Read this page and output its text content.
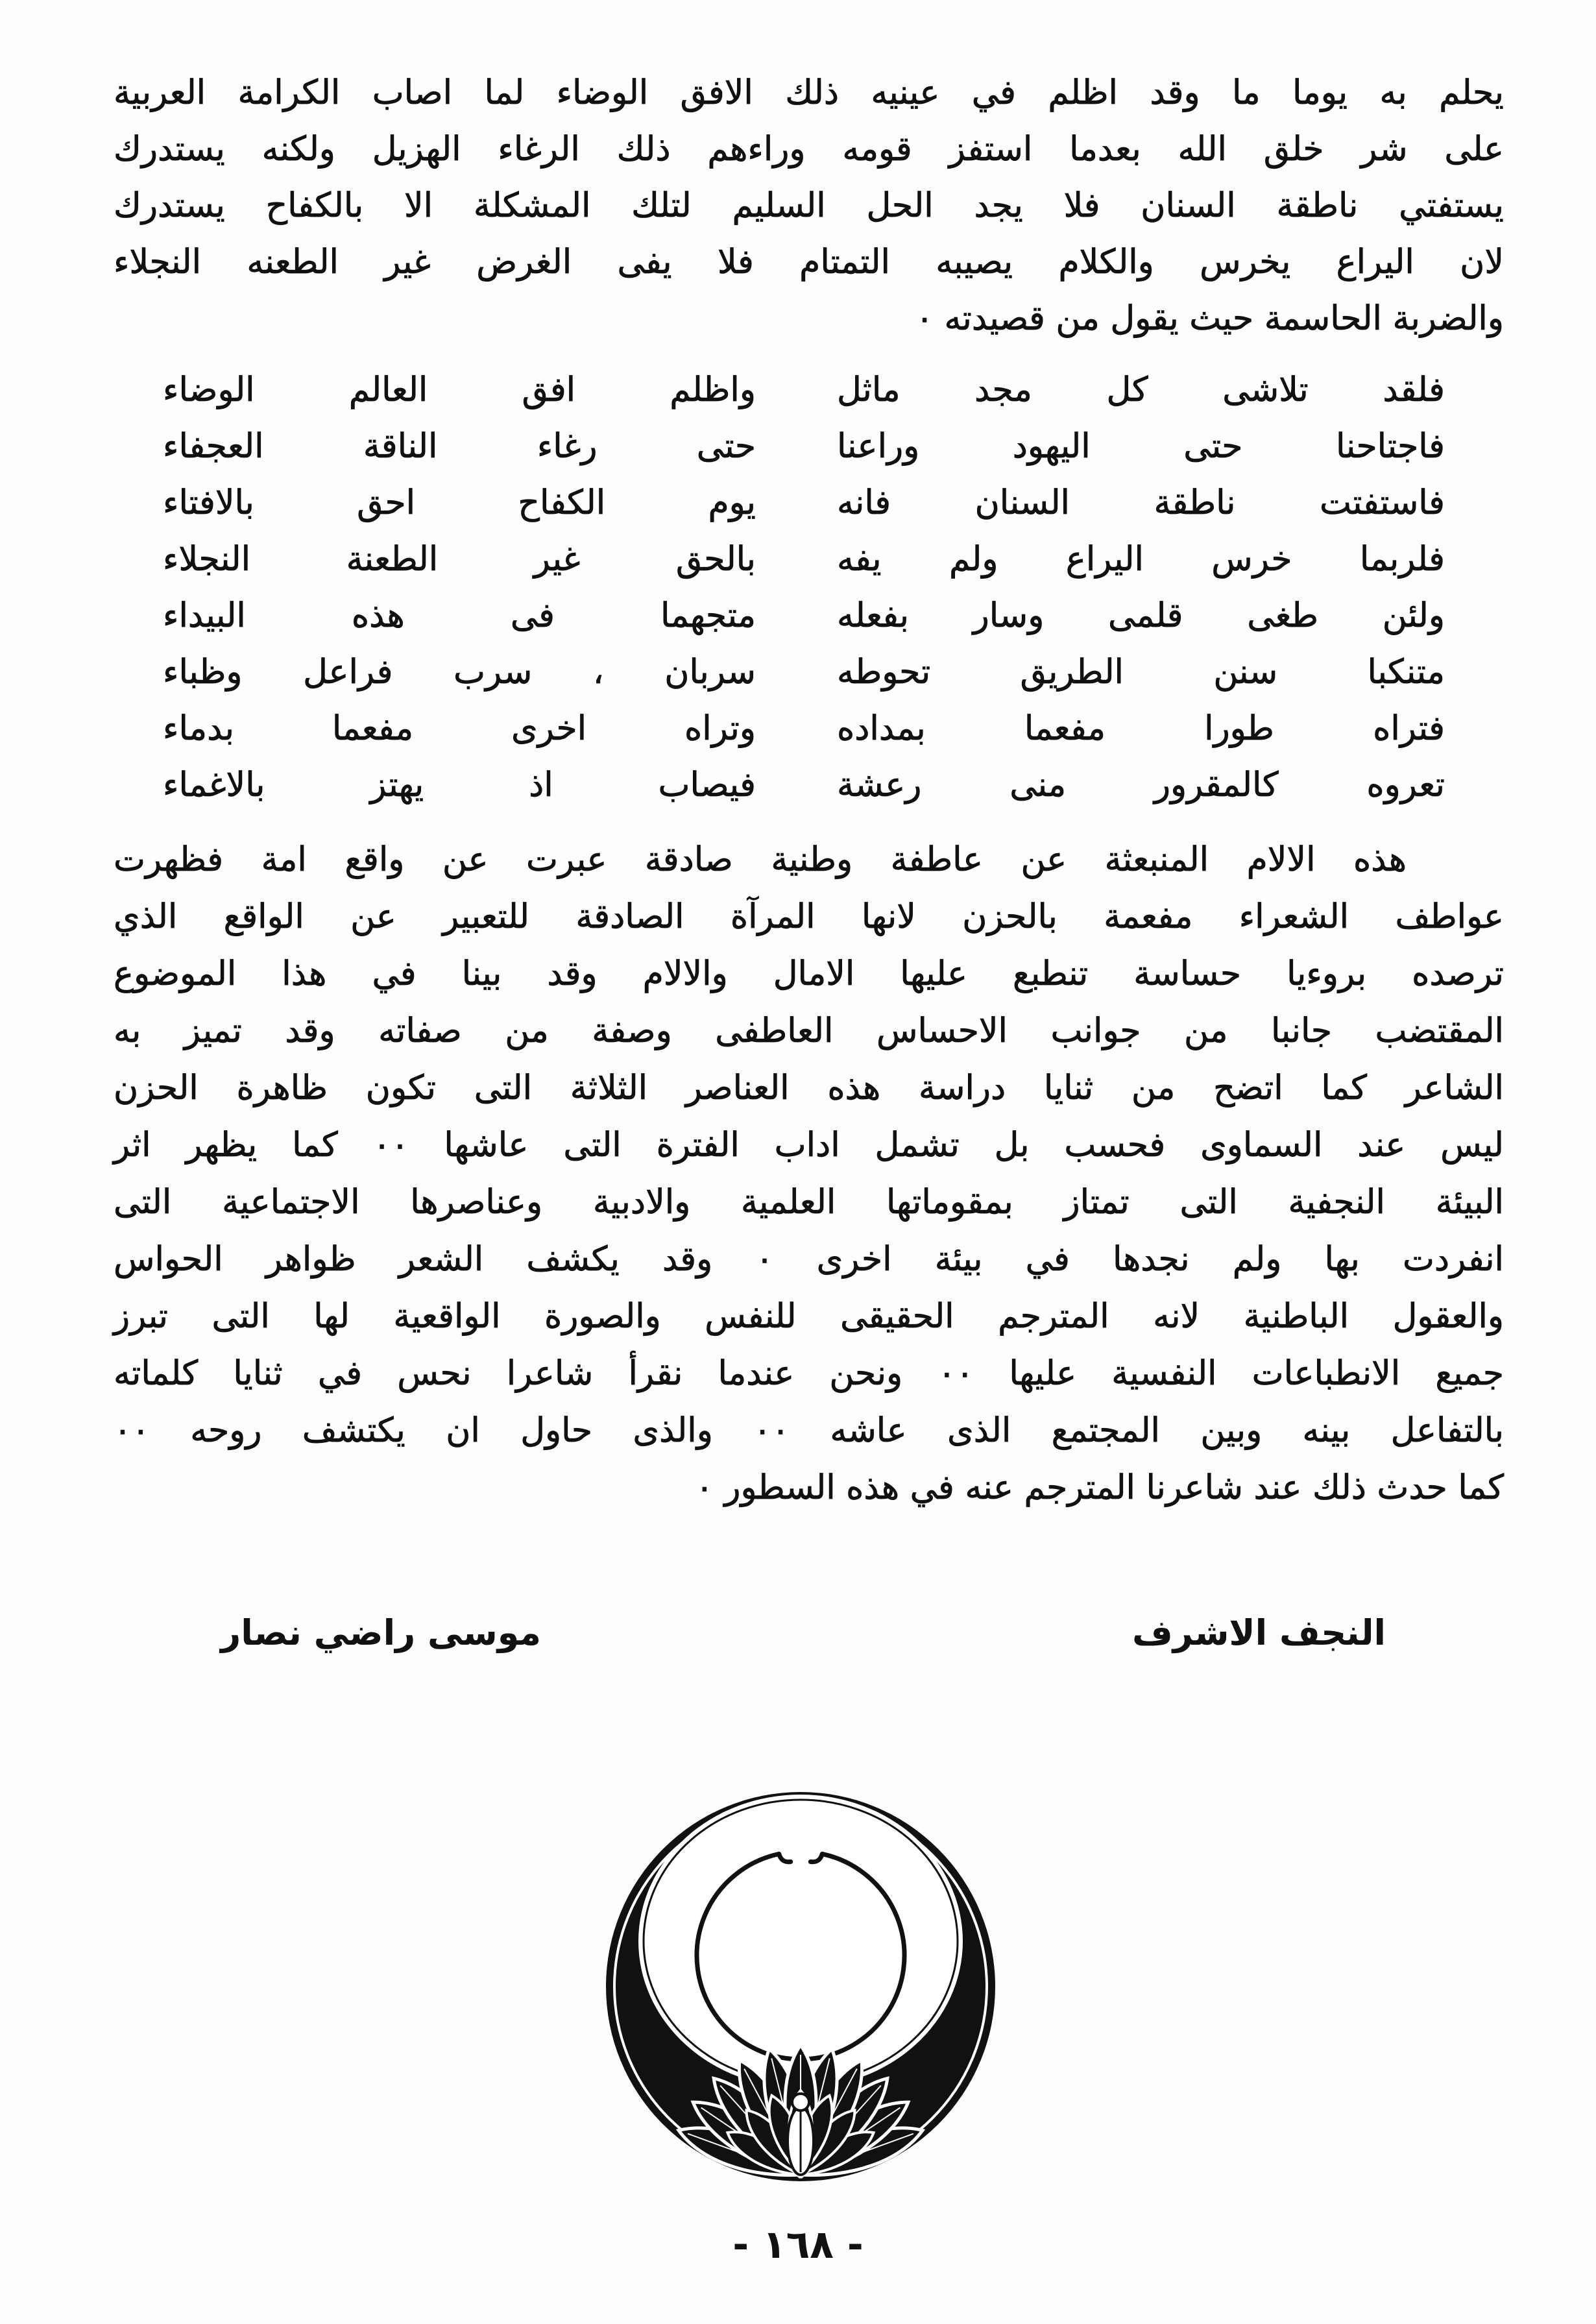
يحلم به يوما ما وقد اظلم في عينيه ذلك الافق الوضاء لما اصاب الكرامة العربية
على شر خلق الله بعدما استفز قومه وراءهم ذلك الرغاء الهزيل ولكنه يستدرك
يستفتي ناطقة السنان فلا يجد الحل السليم لتلك المشكلة الا بالكفاح يستدرك
لان اليراع يخرس والكلام يصيبه التمتام فلا يفى الغرض غير الطعنه النجلاء
والضربة الحاسمة حيث يقول من قصيدته ٠
فلقد تلاشى كل مجد ماثل
واظلم افق العالم الوضاء
فاجتاحنا حتى اليهود وراعنا
حتى رغاء الناقة العجفاء
فاستفتت ناطقة السنان فانه
يوم الكفاح احق بالافتاء
فلربما خرس اليراع ولم يفه
بالحق غير الطعنة النجلاء
ولئن طغى قلمى وسار بفعله
متجهما فى هذه البيداء
متنكبا سنن الطريق تحوطه
سربان ، سرب فراعل وظباء
فتراه طورا مفعما بمداده
وتراه اخرى مفعما بدماء
تعروه كالمقرور منى رعشة
فيصاب اذ يهتز بالاغماء
هذه الالام المنبعثة عن عاطفة وطنية صادقة عبرت عن واقع امة فظهرت
عواطف الشعراء مفعمة بالحزن لانها المرآة الصادقة للتعبير عن الواقع الذي
ترصده بروءيا حساسة تنطبع عليها الامال والالام وقد بينا في هذا الموضوع
المقتضب جانبا من جوانب الاحساس العاطفى وصفة من صفاته وقد تميز به
الشاعر كما اتضح من ثنايا دراسة هذه العناصر الثلاثة التى تكون ظاهرة الحزن
ليس عند السماوى فحسب بل تشمل اداب الفترة التى عاشها ٠٠ كما يظهر اثر
البيئة النجفية التى تمتاز بمقوماتها العلمية والادبية وعناصرها الاجتماعية التى
انفردت بها ولم نجدها في بيئة اخرى ٠ وقد يكشف الشعر ظواهر الحواس
والعقول الباطنية لانه المترجم الحقيقى للنفس والصورة الواقعية لها التى تبرز
جميع الانطباعات النفسية عليها ٠٠ ونحن عندما نقرأ شاعرا نحس في ثنايا كلماته
بالتفاعل بينه وبين المجتمع الذى عاشه ٠٠ والذى حاول ان يكتشف روحه ٠٠
كما حدث ذلك عند شاعرنا المترجم عنه في هذه السطور ٠
النجف الاشرف
موسى راضي نصار
- ١٦٨ -
